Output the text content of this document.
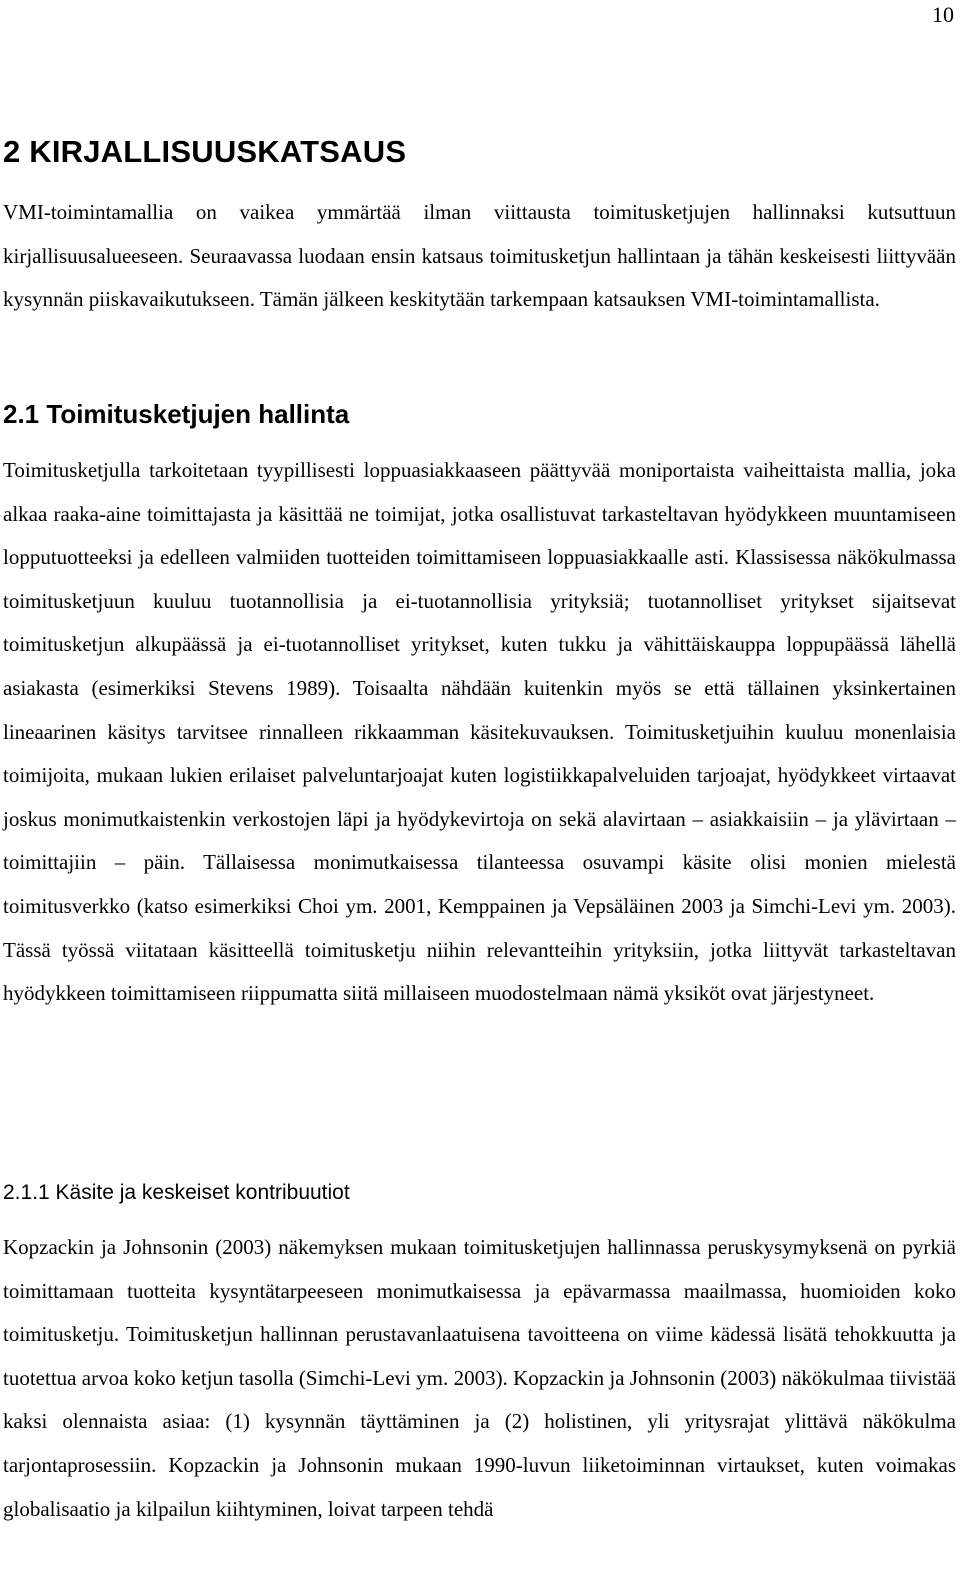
10
2 KIRJALLISUUSKATSAUS

VMI-toimintamallia on vaikea ymmärtää ilman viittausta toimitusketjujen hallinnaksi kutsuttuun kirjallisuusalueeseen. Seuraavassa luodaan ensin katsaus toimitusketjun hallintaan ja tähän keskeisesti liittyvään kysynnän piiskavaikutukseen. Tämän jälkeen keskitytään tarkempaan katsauksen VMI-toimintamallista.

2.1 Toimitusketjujen hallinta

Toimitusketjulla tarkoitetaan tyypillisesti loppuasiakkaaseen päättyvää moniportaista vaiheittaista mallia, joka alkaa raaka-aine toimittajasta ja käsittää ne toimijat, jotka osallistuvat tarkasteltavan hyödykkeen muuntamiseen lopputuotteeksi ja edelleen valmiiden tuotteiden toimittamiseen loppuasiakkaalle asti. Klassisessa näkökulmassa toimitusketjuun kuuluu tuotannollisia ja ei-tuotannollisia yrityksiä; tuotannolliset yritykset sijaitsevat toimitusketjun alkupäässä ja ei-tuotannolliset yritykset, kuten tukku ja vähittäiskauppa loppupäässä lähellä asiakasta (esimerkiksi Stevens 1989). Toisaalta nähdään kuitenkin myös se että tällainen yksinkertainen lineaarinen käsitys tarvitsee rinnalleen rikkaamman käsitekuvauksen. Toimitusketjuihin kuuluu monenlaisia toimijoita, mukaan lukien erilaiset palveluntarjoajat kuten logistiikkapalveluiden tarjoajat, hyödykkeet virtaavat joskus monimutkaistenkin verkostojen läpi ja hyödykevirtoja on sekä alavirtaan – asiakkaisiin – ja ylävirtaan – toimittajiin – päin. Tällaisessa monimutkaisessa tilanteessa osuvampi käsite olisi monien mielestä toimitusverkko (katso esimerkiksi Choi ym. 2001, Kemppainen ja Vepsäläinen 2003 ja Simchi-Levi ym. 2003). Tässä työssä viitataan käsitteellä toimitusketju niihin relevantteihin yrityksiin, jotka liittyvät tarkasteltavan hyödykkeen toimittamiseen riippumatta siitä millaiseen muodostelmaan nämä yksiköt ovat järjestyneet.

2.1.1 Käsite ja keskeiset kontribuutiot

Kopzackin ja Johnsonin (2003) näkemyksen mukaan toimitusketjujen hallinnassa peruskysymyksenä on pyrkiä toimittamaan tuotteita kysyntätarpeeseen monimutkaisessa ja epävarmassa maailmassa, huomioiden koko toimitusketju. Toimitusketjun hallinnan perustavanlaatuisena tavoitteena on viime kädessä lisätä tehokkuutta ja tuotettua arvoa koko ketjun tasolla (Simchi-Levi ym. 2003). Kopzackin ja Johnsonin (2003) näkökulmaa tiivistää kaksi olennaista asiaa: (1) kysynnän täyttäminen ja (2) holistinen, yli yritysrajat ylittävä näkökulma tarjontaprosessiin. Kopzackin ja Johnsonin mukaan 1990-luvun liiketoiminnan virtaukset, kuten voimakas globalisaatio ja kilpailun kiihtyminen, loivat tarpeen tehdä
